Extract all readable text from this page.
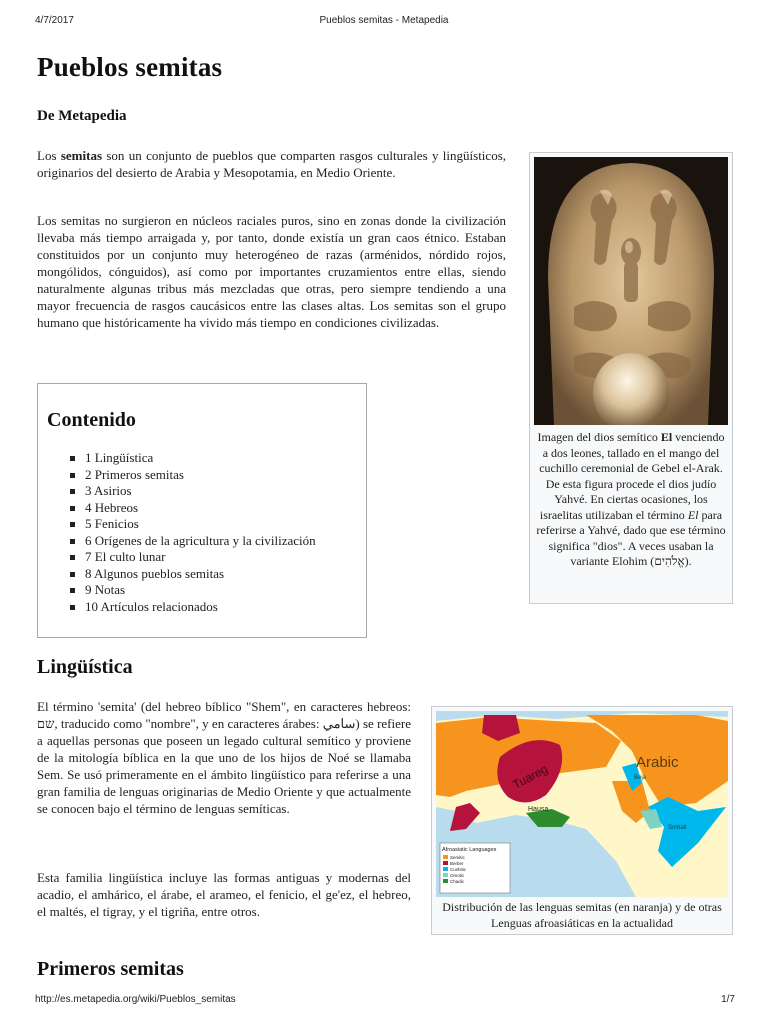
4/7/2017	Pueblos semitas - Metapedia
Pueblos semitas
De Metapedia

Los semitas son un conjunto de pueblos que comparten rasgos culturales y lingüísticos, originarios del desierto de Arabia y Mesopotamia, en Medio Oriente.

Los semitas no surgieron en núcleos raciales puros, sino en zonas donde la civilización llevaba más tiempo arraigada y, por tanto, donde existía un gran caos étnico. Estaban constituidos por un conjunto muy heterogéneo de razas (arménidos, nórdido rojos, mongólidos, cónguidos), así como por importantes cruzamientos entre ellas, siendo naturalmente algunas tribus más mezcladas que otras, pero siempre tendiendo a una mayor frecuencia de rasgos caucásicos entre las clases altas. Los semitas son el grupo humano que históricamente ha vivido más tiempo en condiciones civilizadas.

Contenido
1 Lingüística
2 Primeros semitas
3 Asirios
4 Hebreos
5 Fenicios
6 Orígenes de la agricultura y la civilización
7 El culto lunar
8 Algunos pueblos semitas
9 Notas
10 Artículos relacionados

Imagen del dios semítico El venciendo a dos leones, tallado en el mango del cuchillo ceremonial de Gebel el-Arak. De esta figura procede el dios judío Yahvé. En ciertas ocasiones, los israelitas utilizaban el término El para referirse a Yahvé, dado que ese término significa "dios". A veces usaban la variante Elohim (אֱלֹהִים).

Lingüística

El término 'semita' (del hebreo bíblico "Shem", en caracteres hebreos: שם, traducido como "nombre", y en caracteres árabes: سامي) se refiere a aquellas personas que poseen un legado cultural semítico y proviene de la mitología bíblica en la que uno de los hijos de Noé se llamaba Sem. Se usó primeramente en el ámbito lingüístico para referirse a una gran familia de lenguas originarias de Medio Oriente y que actualmente se conocen bajo el término de lenguas semíticas.

Esta familia lingüística incluye las formas antiguas y modernas del acadio, el amhárico, el árabe, el arameo, el fenicio, el ge'ez, el hebreo, el maltés, el tigray, y el tigriña, entre otros.

Arabic
Tuareg
Hausa
Beja
Somali
Afroasiatic Languages
Semitic
Berber
Cushitic
Omotic
Chadic

Distribución de las lenguas semitas (en naranja) y de otras Lenguas afroasiáticas en la actualidad

Primeros semitas
http://es.metapedia.org/wiki/Pueblos_semitas	1/7
